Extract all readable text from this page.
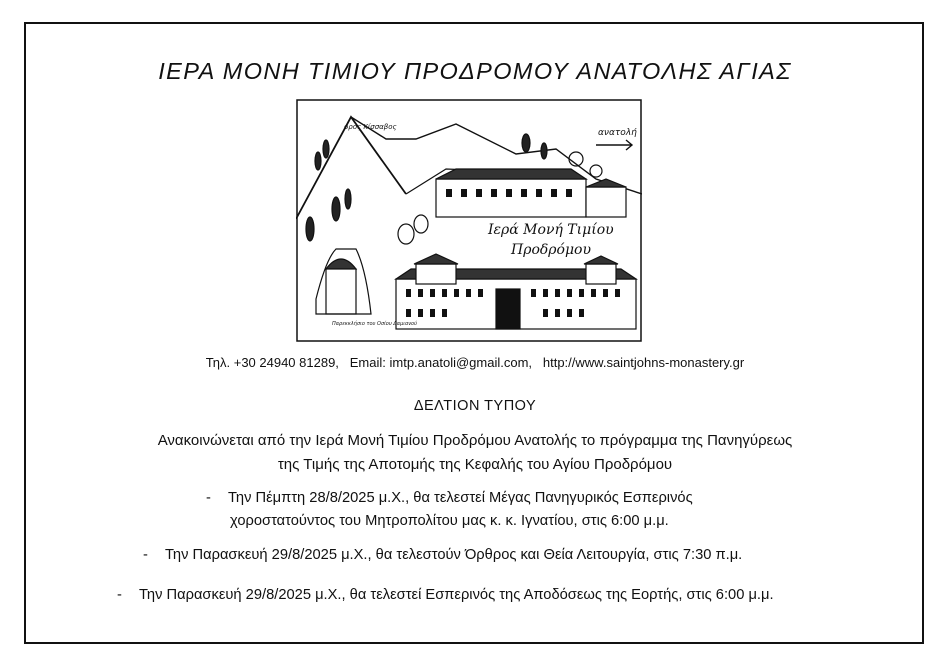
ΙΕΡΑ ΜΟΝΗ ΤΙΜΙΟΥ ΠΡΟΔΡΟΜΟΥ ΑΝΑΤΟΛΗΣ ΑΓΙΑΣ
όρος Κίσσαβος
ανατολή
Ιερά Μονή Τιμίου
Προδρόμου
Παρεκκλήσιο του Οσίου Δαμιανού
Τηλ. +30 24940 81289, Email: imtp.anatoli@gmail.com, http://www.saintjohns-monastery.gr
ΔΕΛΤΙΟΝ ΤΥΠΟΥ
Ανακοινώνεται από την Ιερά Μονή Τιμίου Προδρόμου Ανατολής το πρόγραμμα της Πανηγύρεως
της Τιμής της Αποτομής της Κεφαλής του Αγίου Προδρόμου
- Την Πέμπτη 28/8/2025 μ.Χ., θα τελεστεί Μέγας Πανηγυρικός Εσπερινός
χοροστατούντος του Μητροπολίτου μας κ. κ. Ιγνατίου, στις 6:00 μ.μ.
- Την Παρασκευή 29/8/2025 μ.Χ., θα τελεστούν Όρθρος και Θεία Λειτουργία, στις 7:30 π.μ.
- Την Παρασκευή 29/8/2025 μ.Χ., θα τελεστεί Εσπερινός της Αποδόσεως της Εορτής, στις 6:00 μ.μ.
